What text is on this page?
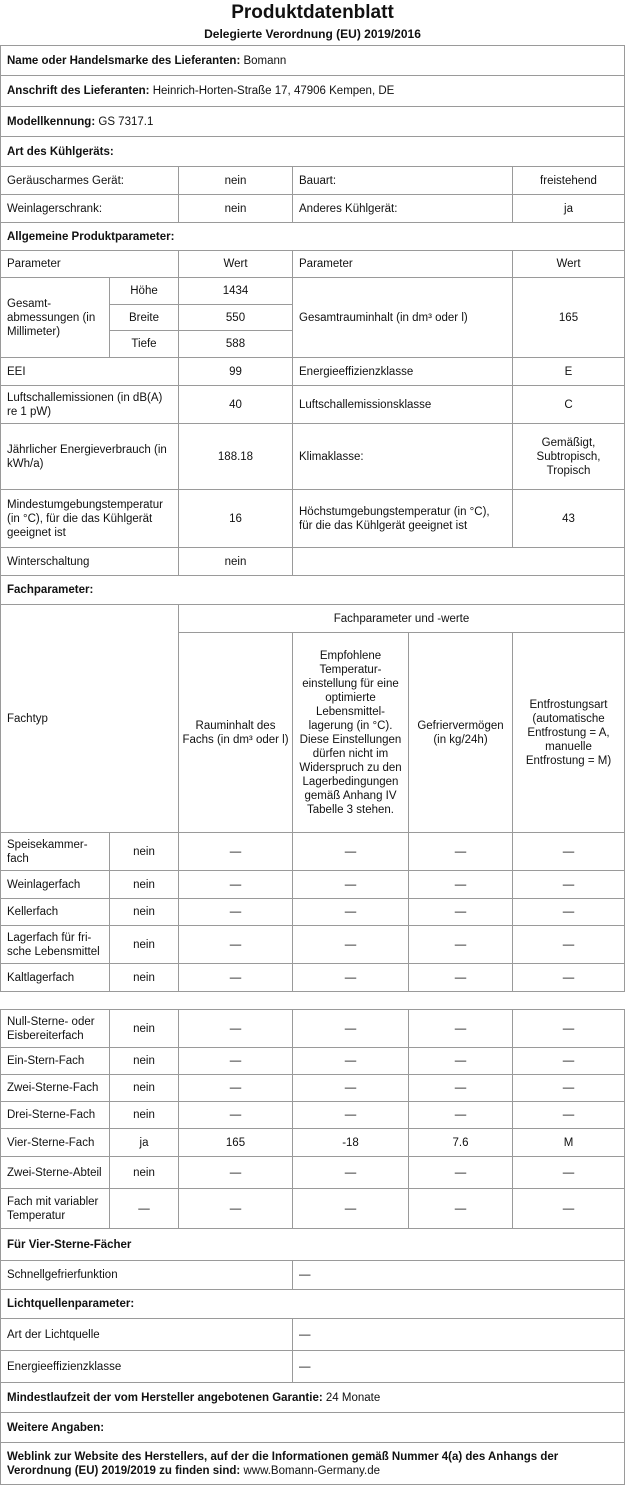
Produktdatenblatt
Delegierte Verordnung (EU) 2019/2016
Name oder Handelsmarke des Lieferanten: Bomann					
Anschrift des Lieferanten: Heinrich-Horten-Straße 17, 47906 Kempen, DE					
Modellkennung: GS 7317.1					
Art des Kühlgeräts:					
Geräuscharmes Gerät:		nein	Bauart:		freistehend
Weinlagerschrank:		nein	Anderes Kühlgerät:		ja
Allgemeine Produktparameter:					
Parameter		Wert	Parameter		Wert
Gesamt-abmessungen (in Millimeter)	Höhe	1434	Gesamtrauminhalt (in dm³ oder l)		165
	Breite	550			
	Tiefe	588			
EEI		99	Energieeffizienzklasse		E
Luftschallemissionen (in dB(A) re 1 pW)		40	Luftschallemissionsklasse		C
Jährlicher Energieverbrauch (in kWh/a)		188.18	Klimaklasse:		Gemäßigt, Subtropisch, Tropisch
Mindestumgebungstemperatur (in °C), für die das Kühlgerät geeignet ist		16	Höchstumgebungstemperatur (in °C), für die das Kühlgerät geeignet ist		43
Winterschaltung		nein			
Fachparameter:					
Fachtyp		Fachparameter und -werte			
		Rauminhalt des Fachs (in dm³ oder l)	Empfohlene Temperatur-einstellung für eine optimierte Lebensmittel-lagerung (in °C). Diese Einstellungen dürfen nicht im Widerspruch zu den Lagerbedingungen gemäß Anhang IV Tabelle 3 stehen.	Gefriervermögen (in kg/24h)	Entfrostungsart (automatische Entfrostung = A, manuelle Entfrostung = M)
Speisekammer-fach	nein	—	—	—	—
Weinlagerfach	nein	—	—	—	—
Kellerfach	nein	—	—	—	—
Lagerfach für fri-sche Lebensmittel	nein	—	—	—	—
Kaltlagerfach	nein	—	—	—	—
Null-Sterne- oder Eisbereiterfach	nein	—	—	—	—
Ein-Stern-Fach	nein	—	—	—	—
Zwei-Sterne-Fach	nein	—	—	—	—
Drei-Sterne-Fach	nein	—	—	—	—
Vier-Sterne-Fach	ja	165	-18	7.6	M
Zwei-Sterne-Abteil	nein	—	—	—	—
Fach mit variabler Temperatur	—	—	—	—	—
Für Vier-Sterne-Fächer					
Schnellgefrierfunktion			—		
Lichtquellenparameter:					
Art der Lichtquelle			—		
Energieeffizienzklasse			—		
Mindestlaufzeit der vom Hersteller angebotenen Garantie: 24 Monate					
Weitere Angaben:					
Weblink zur Website des Herstellers, auf der die Informationen gemäß Nummer 4(a) des Anhangs der Verordnung (EU) 2019/2019 zu finden sind: www.Bomann-Germany.de					
